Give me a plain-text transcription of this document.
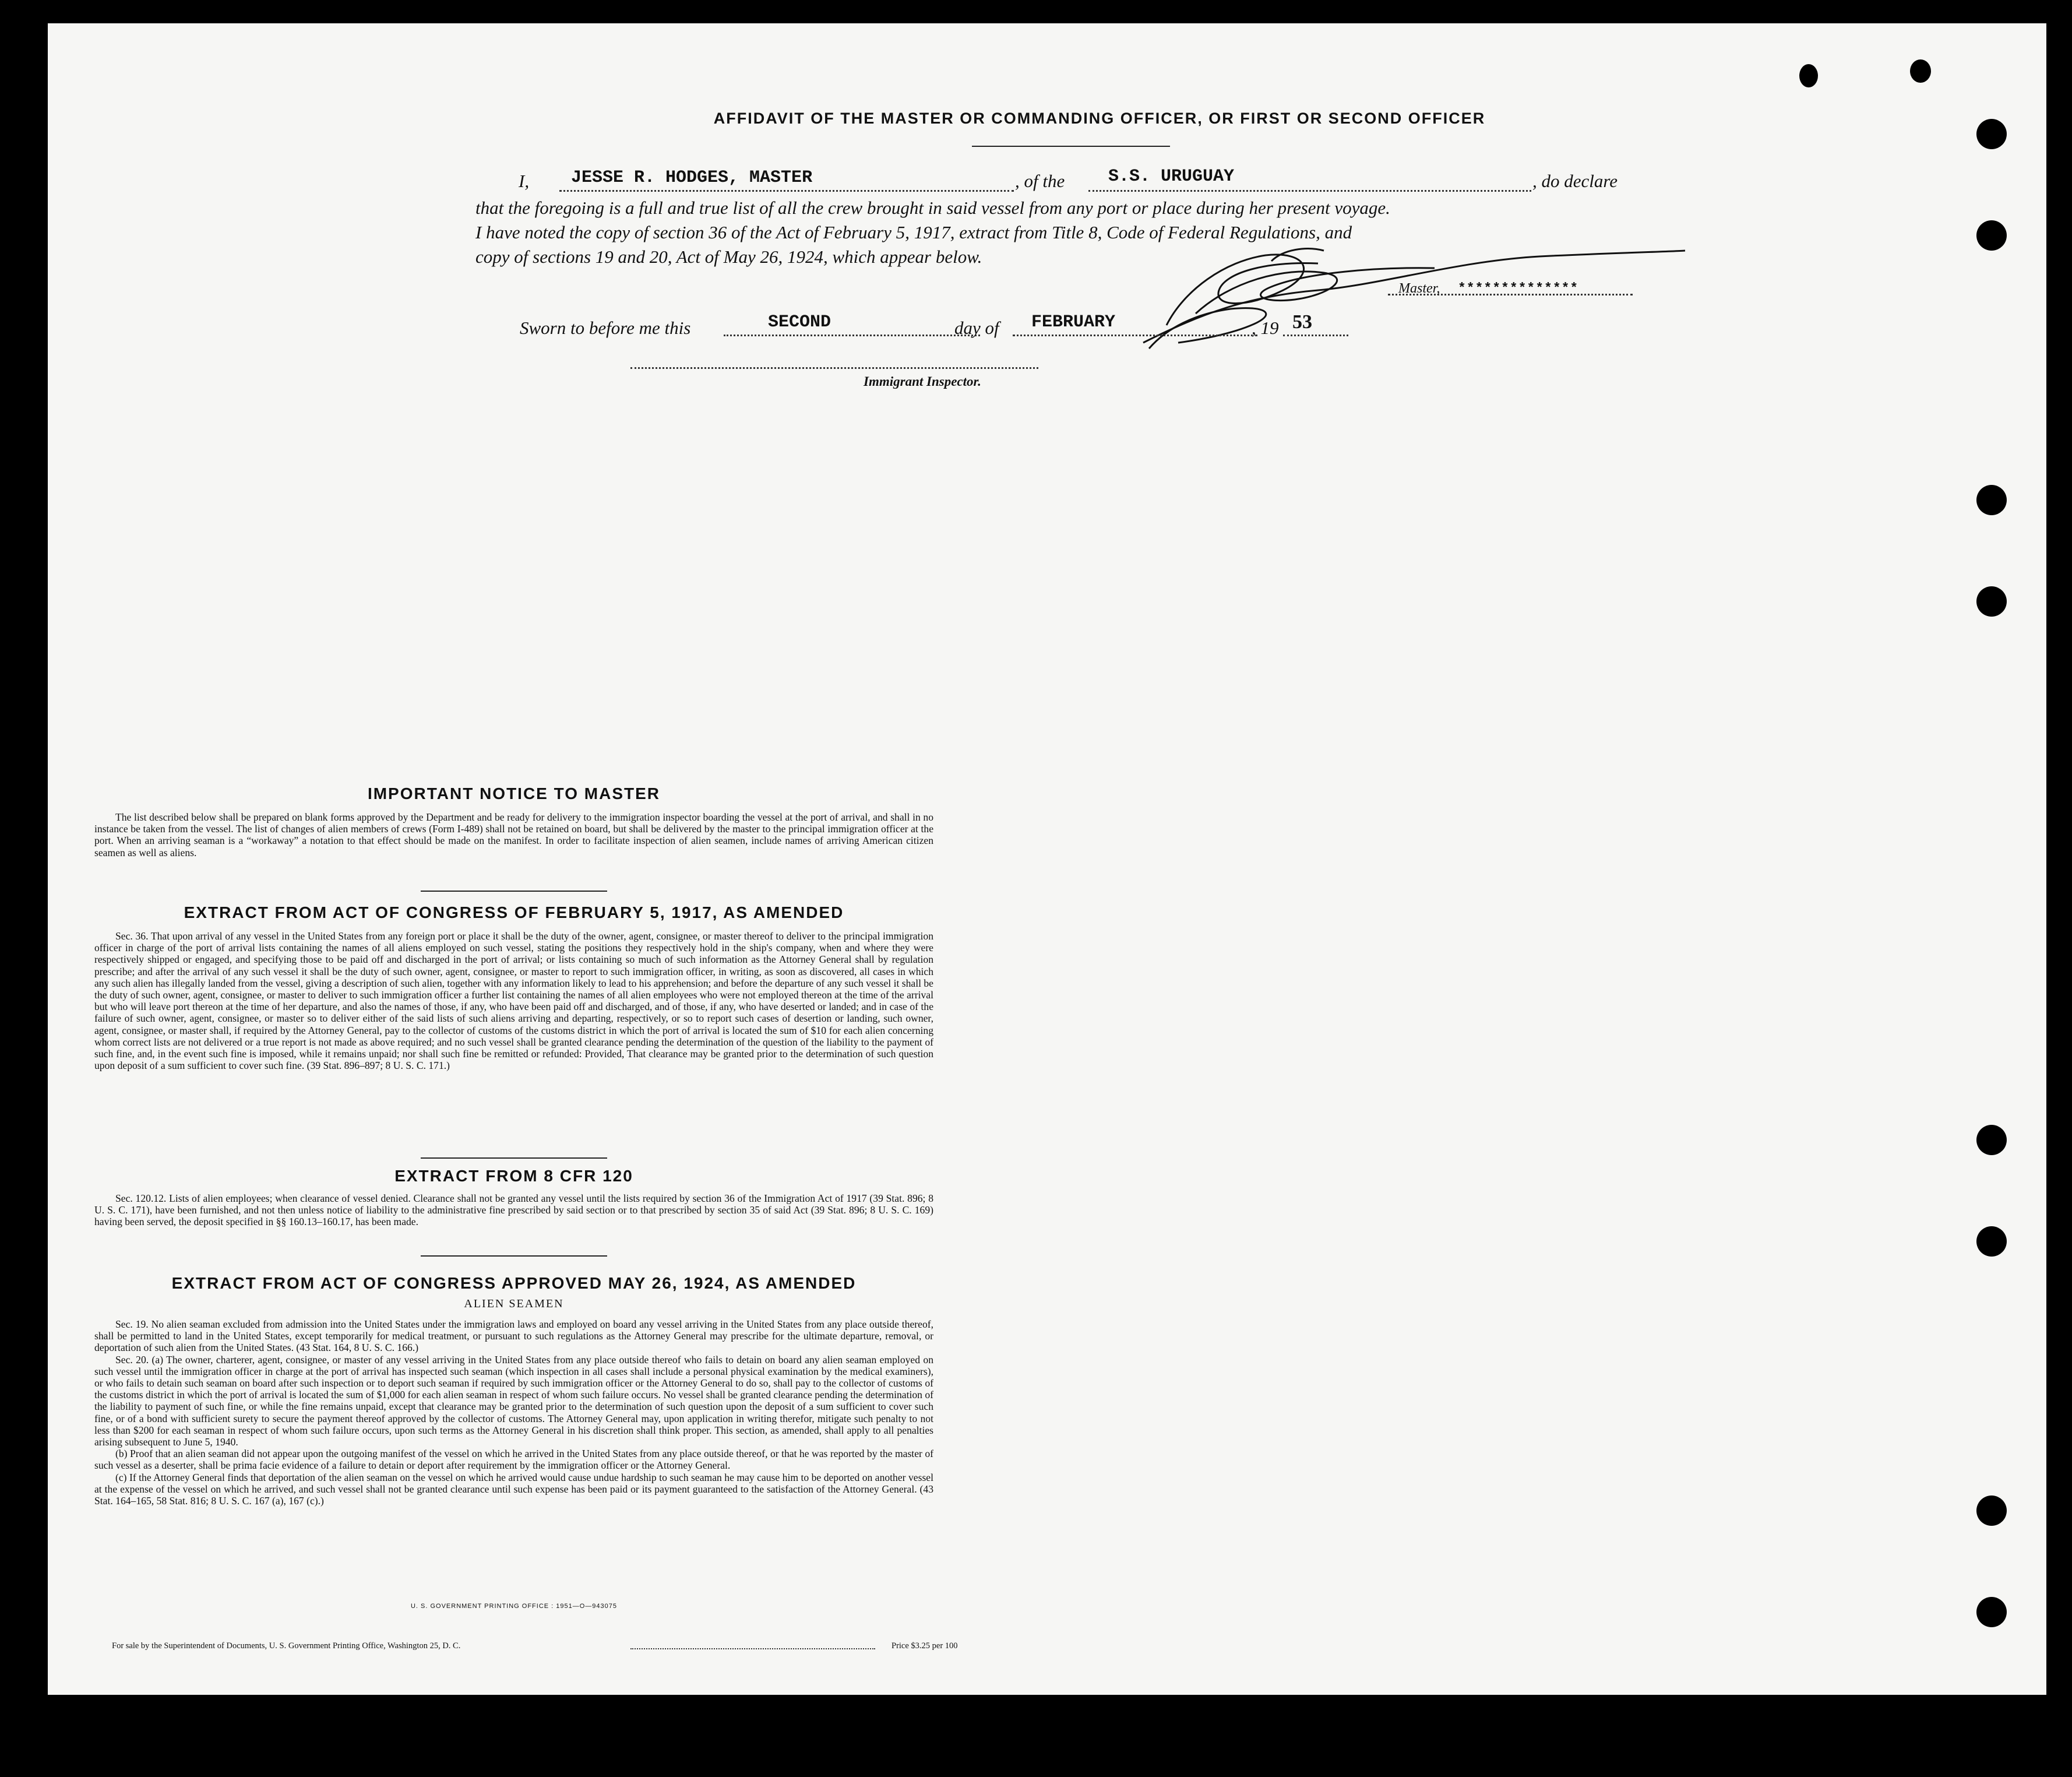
AFFIDAVIT OF THE MASTER OR COMMANDING OFFICER, OR FIRST OR SECOND OFFICER
I, JESSE R. HODGES, MASTER	, of the S.S. URUGUAY	, do declare
that the foregoing is a full and true list of all the crew brought in said vessel from any port or place during her present voyage.
I have noted the copy of section 36 of the Act of February 5, 1917, extract from Title 8, Code of Federal Regulations, and
copy of sections 19 and 20, Act of May 26, 1924, which appear below.
Master, **************
Sworn to before me this	SECOND	day of FEBRUARY	, 19 53
Immigrant Inspector.
IMPORTANT NOTICE TO MASTER

The list described below shall be prepared on blank forms approved by the Department and be ready for delivery to the immigration inspector boarding the vessel at the port of arrival, and shall in no instance be taken from the vessel. The list of changes of alien members of crews (Form I-489) shall not be retained on board, but shall be delivered by the master to the principal immigration officer at the port. When an arriving seaman is a “workaway” a notation to that effect should be made on the manifest. In order to facilitate inspection of alien seamen, include names of arriving American citizen seamen as well as aliens.

EXTRACT FROM ACT OF CONGRESS OF FEBRUARY 5, 1917, AS AMENDED

Sec. 36. That upon arrival of any vessel in the United States from any foreign port or place it shall be the duty of the owner, agent, consignee, or master thereof to deliver to the principal immigration officer in charge of the port of arrival lists containing the names of all aliens employed on such vessel, stating the positions they respectively hold in the ship's company, when and where they were respectively shipped or engaged, and specifying those to be paid off and discharged in the port of arrival; or lists containing so much of such information as the Attorney General shall by regulation prescribe; and after the arrival of any such vessel it shall be the duty of such owner, agent, consignee, or master to report to such immigration officer, in writing, as soon as discovered, all cases in which any such alien has illegally landed from the vessel, giving a description of such alien, together with any information likely to lead to his apprehension; and before the departure of any such vessel it shall be the duty of such owner, agent, consignee, or master to deliver to such immigration officer a further list containing the names of all alien employees who were not employed thereon at the time of the arrival but who will leave port thereon at the time of her departure, and also the names of those, if any, who have been paid off and discharged, and of those, if any, who have deserted or landed; and in case of the failure of such owner, agent, consignee, or master so to deliver either of the said lists of such aliens arriving and departing, respectively, or so to report such cases of desertion or landing, such owner, agent, consignee, or master shall, if required by the Attorney General, pay to the collector of customs of the customs district in which the port of arrival is located the sum of $10 for each alien concerning whom correct lists are not delivered or a true report is not made as above required; and no such vessel shall be granted clearance pending the determination of the question of the liability to the payment of such fine, and, in the event such fine is imposed, while it remains unpaid; nor shall such fine be remitted or refunded: Provided, That clearance may be granted prior to the determination of such question upon deposit of a sum sufficient to cover such fine. (39 Stat. 896–897; 8 U. S. C. 171.)

EXTRACT FROM 8 CFR 120

Sec. 120.12. Lists of alien employees; when clearance of vessel denied. Clearance shall not be granted any vessel until the lists required by section 36 of the Immigration Act of 1917 (39 Stat. 896; 8 U. S. C. 171), have been furnished, and not then unless notice of liability to the administrative fine prescribed by said section or to that prescribed by section 35 of said Act (39 Stat. 896; 8 U. S. C. 169) having been served, the deposit specified in §§ 160.13–160.17, has been made.

EXTRACT FROM ACT OF CONGRESS APPROVED MAY 26, 1924, AS AMENDED
ALIEN SEAMEN

Sec. 19. No alien seaman excluded from admission into the United States under the immigration laws and employed on board any vessel arriving in the United States from any place outside thereof, shall be permitted to land in the United States, except temporarily for medical treatment, or pursuant to such regulations as the Attorney General may prescribe for the ultimate departure, removal, or deportation of such alien from the United States. (43 Stat. 164, 8 U. S. C. 166.)

Sec. 20. (a) The owner, charterer, agent, consignee, or master of any vessel arriving in the United States from any place outside thereof who fails to detain on board any alien seaman employed on such vessel until the immigration officer in charge at the port of arrival has inspected such seaman (which inspection in all cases shall include a personal physical examination by the medical examiners), or who fails to detain such seaman on board after such inspection or to deport such seaman if required by such immigration officer or the Attorney General to do so, shall pay to the collector of customs of the customs district in which the port of arrival is located the sum of $1,000 for each alien seaman in respect of whom such failure occurs. No vessel shall be granted clearance pending the determination of the liability to payment of such fine, or while the fine remains unpaid, except that clearance may be granted prior to the determination of such question upon the deposit of a sum sufficient to cover such fine, or of a bond with sufficient surety to secure the payment thereof approved by the collector of customs. The Attorney General may, upon application in writing therefor, mitigate such penalty to not less than $200 for each seaman in respect of whom such failure occurs, upon such terms as the Attorney General in his discretion shall think proper. This section, as amended, shall apply to all penalties arising subsequent to June 5, 1940.

(b) Proof that an alien seaman did not appear upon the outgoing manifest of the vessel on which he arrived in the United States from any place outside thereof, or that he was reported by the master of such vessel as a deserter, shall be prima facie evidence of a failure to detain or deport after requirement by the immigration officer or the Attorney General.

(c) If the Attorney General finds that deportation of the alien seaman on the vessel on which he arrived would cause undue hardship to such seaman he may cause him to be deported on another vessel at the expense of the vessel on which he arrived, and such vessel shall not be granted clearance until such expense has been paid or its payment guaranteed to the satisfaction of the Attorney General. (43 Stat. 164–165, 58 Stat. 816; 8 U. S. C. 167 (a), 167 (c).)

U. S. GOVERNMENT PRINTING OFFICE : 1951—O—943075
For sale by the Superintendent of Documents, U. S. Government Printing Office, Washington 25, D. C.	Price $3.25 per 100
